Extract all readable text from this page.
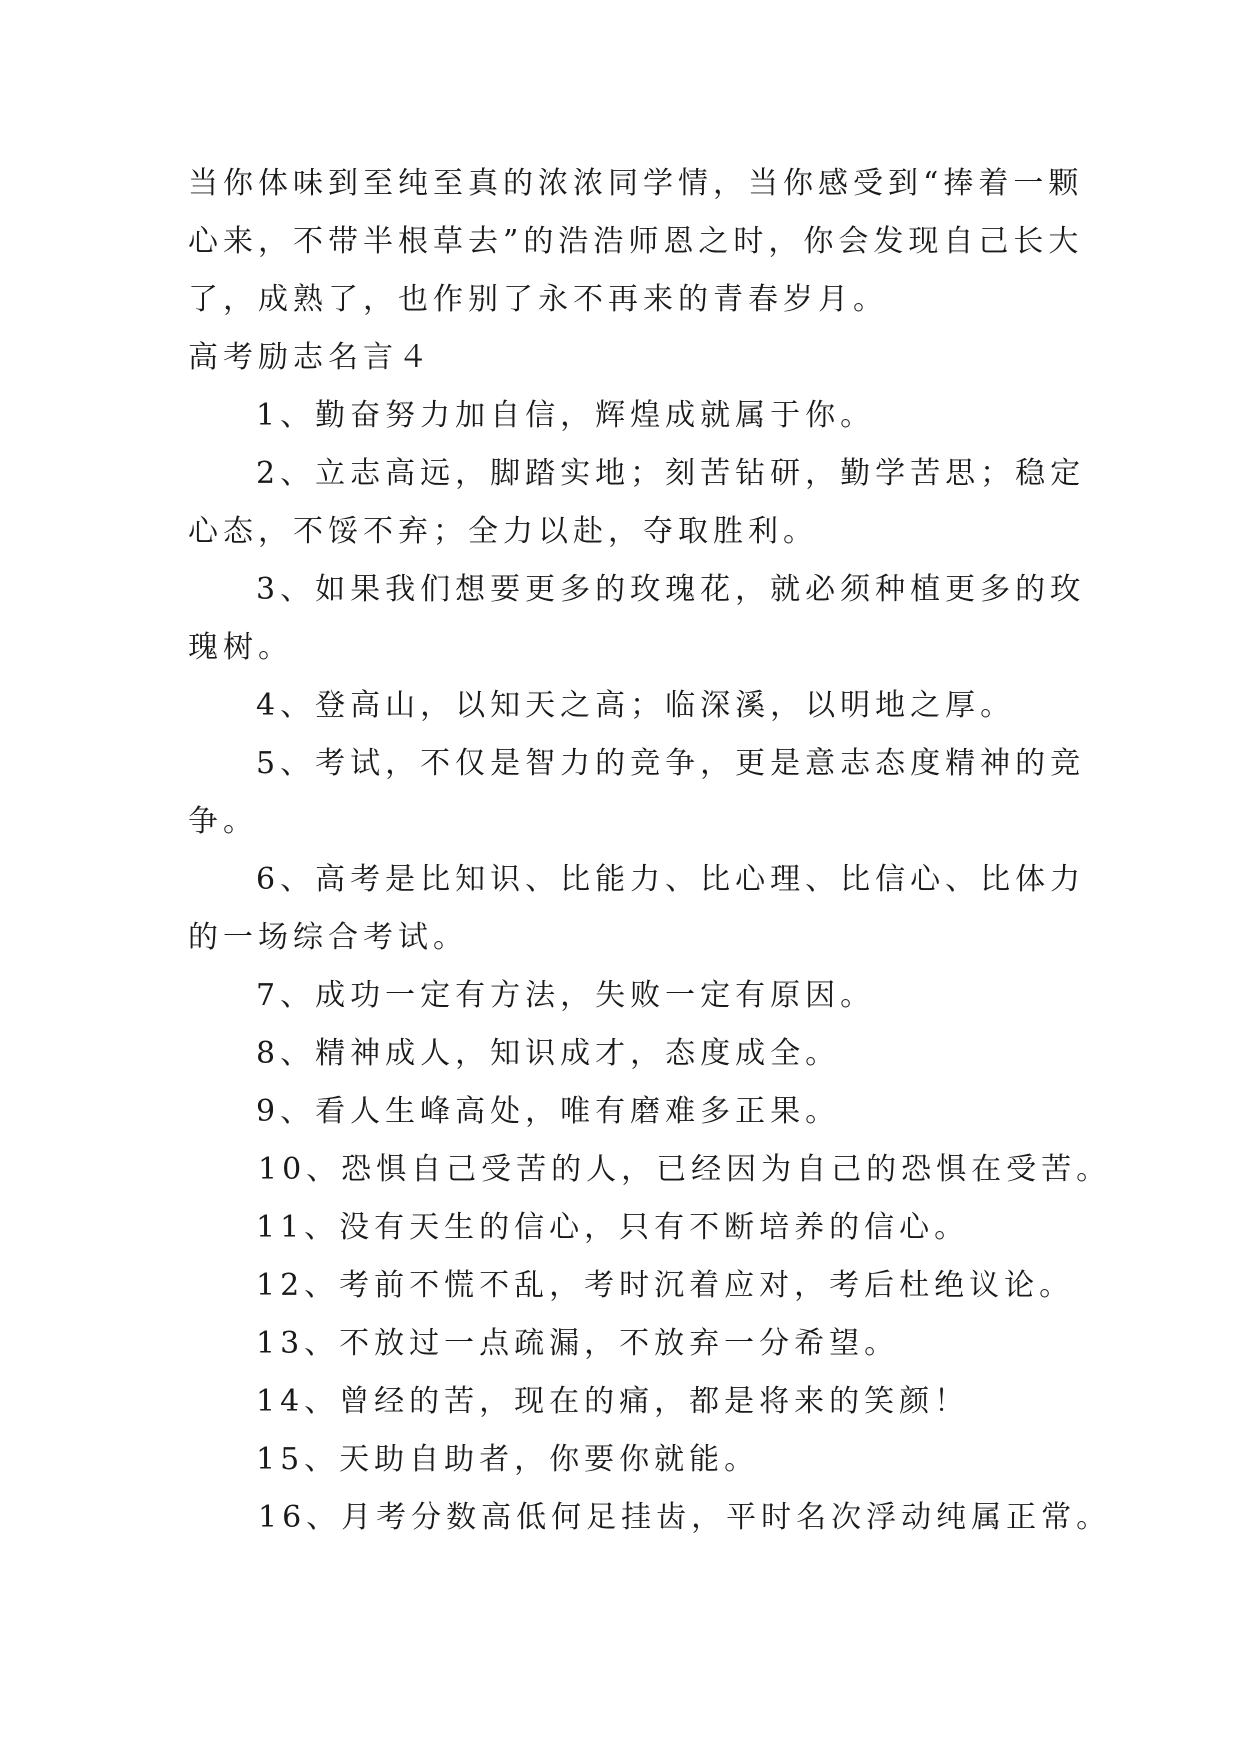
当你体味到至纯至真的浓浓同学情，当你感受到“捧着一颗
心来，不带半根草去”的浩浩师恩之时，你会发现自己长大
了，成熟了，也作别了永不再来的青春岁月。
高考励志名言４
1、勤奋努力加自信，辉煌成就属于你。
2、立志高远，脚踏实地；刻苦钻研，勤学苦思；稳定
心态，不馁不弃；全力以赴，夺取胜利。
3、如果我们想要更多的玫瑰花，就必须种植更多的玫
瑰树。
4、登高山，以知天之高；临深溪，以明地之厚。
5、考试，不仅是智力的竞争，更是意志态度精神的竞
争。
6、高考是比知识、比能力、比心理、比信心、比体力
的一场综合考试。
7、成功一定有方法，失败一定有原因。
8、精神成人，知识成才，态度成全。
9、看人生峰高处，唯有磨难多正果。
10、恐惧自己受苦的人，已经因为自己的恐惧在受苦。
11、没有天生的信心，只有不断培养的信心。
12、考前不慌不乱，考时沉着应对，考后杜绝议论。
13、不放过一点疏漏，不放弃一分希望。
14、曾经的苦，现在的痛，都是将来的笑颜！
15、天助自助者，你要你就能。
16、月考分数高低何足挂齿，平时名次浮动纯属正常。
